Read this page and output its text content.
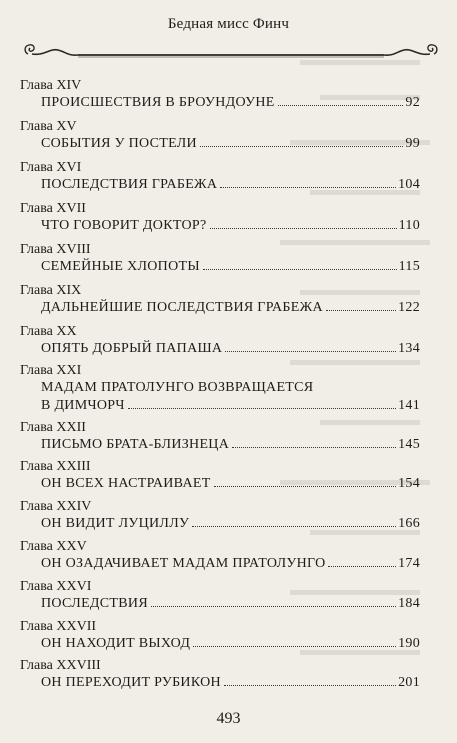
Бедная мисс Финч
Глава XIV
ПРОИСШЕСТВИЯ В БРОУНДОУНЕ	92
Глава XV
СОБЫТИЯ У ПОСТЕЛИ	99
Глава XVI
ПОСЛЕДСТВИЯ ГРАБЕЖА	104
Глава XVII
ЧТО ГОВОРИТ ДОКТОР?	110
Глава XVIII
СЕМЕЙНЫЕ ХЛОПОТЫ	115
Глава XIX
ДАЛЬНЕЙШИЕ ПОСЛЕДСТВИЯ ГРАБЕЖА	122
Глава XX
ОПЯТЬ ДОБРЫЙ ПАПАША	134
Глава XXI
МАДАМ ПРАТОЛУНГО ВОЗВРАЩАЕТСЯ
В ДИМЧОРЧ	141
Глава XXII
ПИСЬМО БРАТА-БЛИЗНЕЦА	145
Глава XXIII
ОН ВСЕХ НАСТРАИВАЕТ	154
Глава XXIV
ОН ВИДИТ ЛУЦИЛЛУ	166
Глава XXV
ОН ОЗАДАЧИВАЕТ МАДАМ ПРАТОЛУНГО	174
Глава XXVI
ПОСЛЕДСТВИЯ	184
Глава XXVII
ОН НАХОДИТ ВЫХОД	190
Глава XXVIII
ОН ПЕРЕХОДИТ РУБИКОН	201
493
